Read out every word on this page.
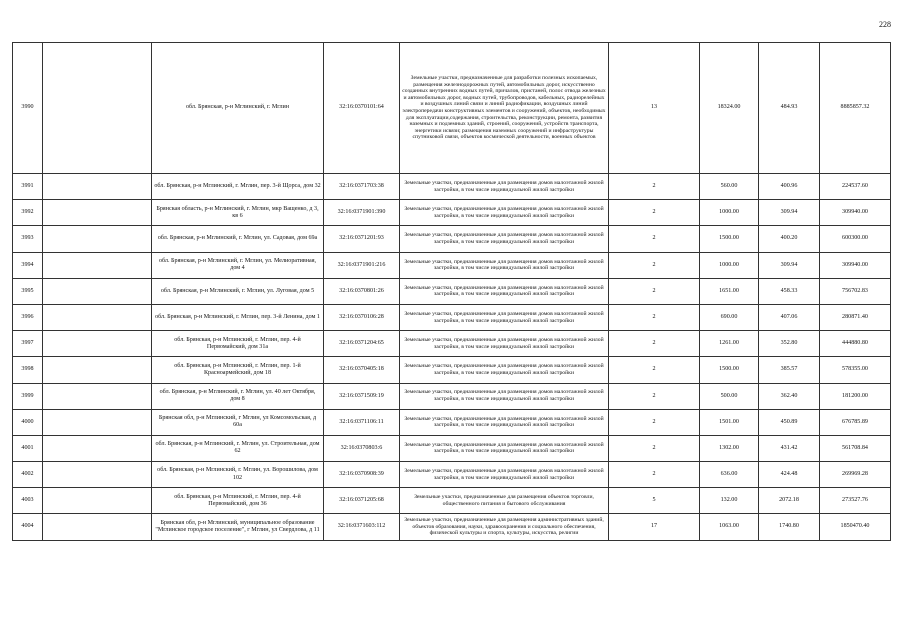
228
3990		обл. Брянская, р-н Мглинский, г. Мглин	32:16:0370101:64	Земельные участки, предназначенные для разработки полезных ископаемых, размещения железнодорожных путей, автомобильных дорог, искусственно созданных внутренних водных путей, причалов, пристаней, полос отвода железных и автомобильных дорог, водных путей, трубопроводов, кабельных, радиорелейных и воздушных линий связи и линий радиофикации, воздушных линий электропередачи конструктивных элементов и сооружений, объектов, необходимых для эксплуатации,содержания, строительства, реконструкции, ремонта, развития наземных и подземных зданий, строений, сооружений, устройств транспорта, энергетики исвязи; размещения наземных сооружений и инфраструктуры спутниковой связи, объектов космической деятельности, военных объектов	13	18324.00	484.93	8885857.32
3991		обл. Брянская, р-н Мглинский, г. Мглин, пер. 3-й Щорса, дом 32	32:16:0371703:38	Земельные участки, предназначенные для размещения домов малоэтажной жилой застройки, в том числе индивидуальной жилой застройки	2	560.00	400.96	224537.60
3992		Брянская область, р-н Мглинский, г. Мглин, мкр Ващенко, д 3, кв 6	32:16:0371901:390	Земельные участки, предназначенные для размещения домов малоэтажной жилой застройки, в том числе индивидуальной жилой застройки	2	1000.00	309.94	309940.00
3993		обл. Брянская, р-н Мглинский, г. Мглин, ул. Садовая, дом 69а	32:16:0371201:93	Земельные участки, предназначенные для размещения домов малоэтажной жилой застройки, в том числе индивидуальной жилой застройки	2	1500.00	400.20	600300.00
3994		обл. Брянская, р-н Мглинский, г. Мглин, ул. Мелиоративная, дом 4	32:16:0371901:216	Земельные участки, предназначенные для размещения домов малоэтажной жилой застройки, в том числе индивидуальной жилой застройки	2	1000.00	309.94	309940.00
3995		обл. Брянская, р-н Мглинский, г. Мглин, ул. Луговая, дом 5	32:16:0370801:26	Земельные участки, предназначенные для размещения домов малоэтажной жилой застройки, в том числе индивидуальной жилой застройки	2	1651.00	458.33	756702.83
3996		обл. Брянская, р-н Мглинский, г. Мглин, пер. 3-й Ленина, дом 1	32:16:0370106:28	Земельные участки, предназначенные для размещения домов малоэтажной жилой застройки, в том числе индивидуальной жилой застройки	2	690.00	407.06	280871.40
3997		обл. Брянская, р-н Мглинский, г. Мглин, пер. 4-й Первомайский, дом 31а	32:16:0371204:65	Земельные участки, предназначенные для размещения домов малоэтажной жилой застройки, в том числе индивидуальной жилой застройки	2	1261.00	352.80	444880.80
3998		обл. Брянская, р-н Мглинский, г. Мглин, пер. 1-й Красноармейский, дом 18	32:16:0370405:18	Земельные участки, предназначенные для размещения домов малоэтажной жилой застройки, в том числе индивидуальной жилой застройки	2	1500.00	385.57	578355.00
3999		обл. Брянская, р-н Мглинский, г. Мглин, ул. 40 лет Октября, дом 8	32:16:0371509:19	Земельные участки, предназначенные для размещения домов малоэтажной жилой застройки, в том числе индивидуальной жилой застройки	2	500.00	362.40	181200.00
4000		Брянская обл, р-н Мглинский, г Мглин, ул Комсомольская, д 60а	32:16:0371106:11	Земельные участки, предназначенные для размещения домов малоэтажной жилой застройки, в том числе индивидуальной жилой застройки	2	1501.00	450.89	676785.89
4001		обл. Брянская, р-н Мглинский, г. Мглин, ул. Строительная, дом 62	32:16:0370803:6	Земельные участки, предназначенные для размещения домов малоэтажной жилой застройки, в том числе индивидуальной жилой застройки	2	1302.00	431.42	561708.84
4002		обл. Брянская, р-н Мглинский, г. Мглин, ул. Ворошилова, дом 102	32:16:0370908:39	Земельные участки, предназначенные для размещения домов малоэтажной жилой застройки, в том числе индивидуальной жилой застройки	2	636.00	424.48	269969.28
4003		обл. Брянская, р-н Мглинский, г. Мглин, пер. 4-й Первомайский, дом 36	32:16:0371205:68	Земельные участки, предназначенные для размещения объектов торговли, общественного питания и бытового обслуживания	5	132.00	2072.18	273527.76
4004		Брянская обл, р-н Мглинский, муниципальное образование "Мглинское городское поселение", г Мглин, ул Свердлова, д 11	32:16:0371603:112	Земельные участки, предназначенные для размещения административных зданий, объектов образования, науки, здравоохранения и социального обеспечения, физической культуры и спорта, культуры, искусства, религии	17	1063.00	1740.80	1850470.40
